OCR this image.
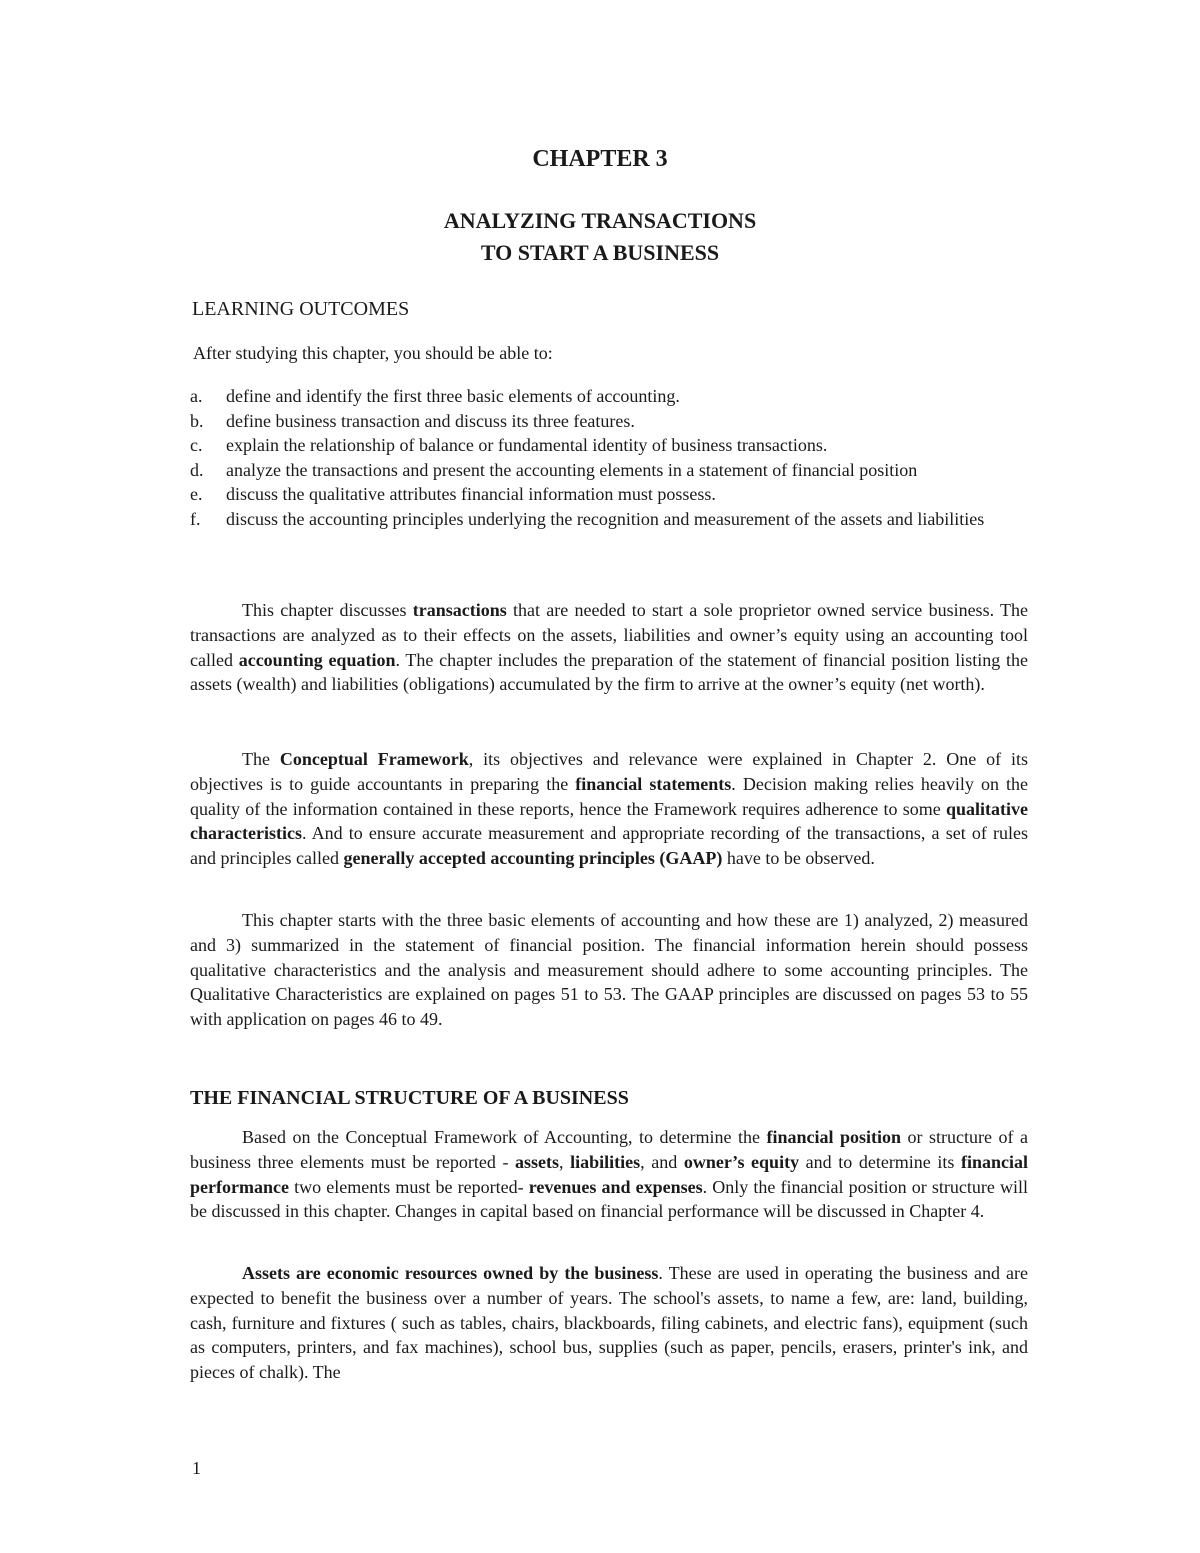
CHAPTER 3
ANALYZING TRANSACTIONS
TO START A BUSINESS
LEARNING OUTCOMES

After studying this chapter, you should be able to:

a.	define and identify the first three basic elements of accounting.
b.	define business transaction and discuss its three features.
c.	explain the relationship of balance or fundamental identity of business transactions.
d.	analyze the transactions and present the accounting elements in a statement of financial position
e.	discuss the qualitative attributes financial information must possess.
f.	discuss the accounting principles underlying the recognition and measurement of the assets and liabilities

This chapter discusses transactions that are needed to start a sole proprietor owned service business. The transactions are analyzed as to their effects on the assets, liabilities and owner’s equity using an accounting tool called accounting equation. The chapter includes the preparation of the statement of financial position listing the assets (wealth) and liabilities (obligations) accumulated by the firm to arrive at the owner’s equity (net worth).

The Conceptual Framework, its objectives and relevance were explained in Chapter 2. One of its objectives is to guide accountants in preparing the financial statements. Decision making relies heavily on the quality of the information contained in these reports, hence the Framework requires adherence to some qualitative characteristics. And to ensure accurate measurement and appropriate recording of the transactions, a set of rules and principles called generally accepted accounting principles (GAAP) have to be observed.

This chapter starts with the three basic elements of accounting and how these are 1) analyzed, 2) measured and 3) summarized in the statement of financial position. The financial information herein should possess qualitative characteristics and the analysis and measurement should adhere to some accounting principles. The Qualitative Characteristics are explained on pages 51 to 53. The GAAP principles are discussed on pages 53 to 55 with application on pages 46 to 49.

THE FINANCIAL STRUCTURE OF A BUSINESS

Based on the Conceptual Framework of Accounting, to determine the financial position or structure of a business three elements must be reported - assets, liabilities, and owner’s equity and to determine its financial performance two elements must be reported- revenues and expenses. Only the financial position or structure will be discussed in this chapter. Changes in capital based on financial performance will be discussed in Chapter 4.

Assets are economic resources owned by the business. These are used in operating the business and are expected to benefit the business over a number of years. The school's assets, to name a few, are: land, building, cash, furniture and fixtures ( such as tables, chairs, blackboards, filing cabinets, and electric fans), equipment (such as computers, printers, and fax machines), school bus, supplies (such as paper, pencils, erasers, printer's ink, and pieces of chalk). The

1
